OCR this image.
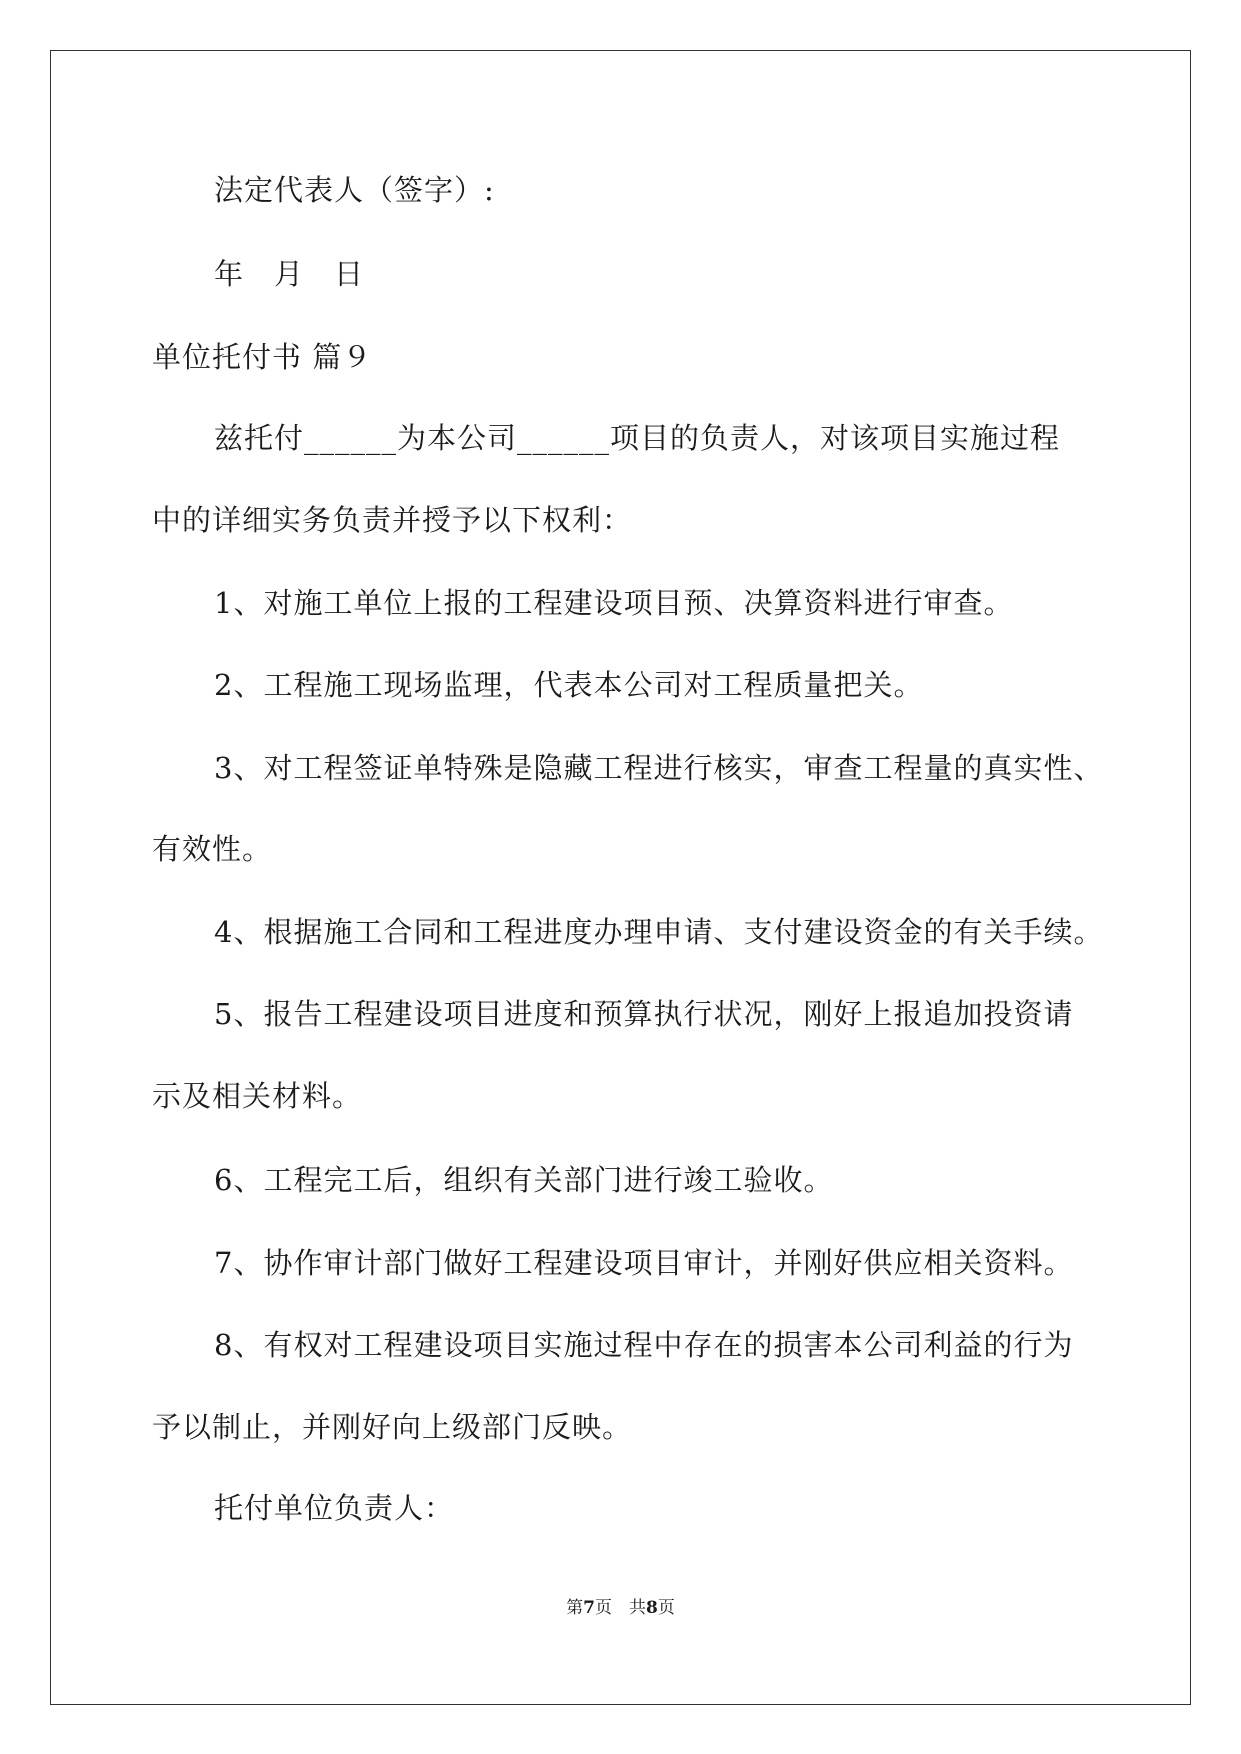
法定代表人（签字）:
年　月　日
单位托付书 篇９
兹托付______为本公司______项目的负责人，对该项目实施过程
中的详细实务负责并授予以下权利：
1、对施工单位上报的工程建设项目预、决算资料进行审查。
2、工程施工现场监理，代表本公司对工程质量把关。
3、对工程签证单特殊是隐藏工程进行核实，审查工程量的真实性、
有效性。
4、根据施工合同和工程进度办理申请、支付建设资金的有关手续。
5、报告工程建设项目进度和预算执行状况，刚好上报追加投资请
示及相关材料。
6、工程完工后，组织有关部门进行竣工验收。
7、协作审计部门做好工程建设项目审计，并刚好供应相关资料。
8、有权对工程建设项目实施过程中存在的损害本公司利益的行为
予以制止，并刚好向上级部门反映。
托付单位负责人：
第7页　共8页
